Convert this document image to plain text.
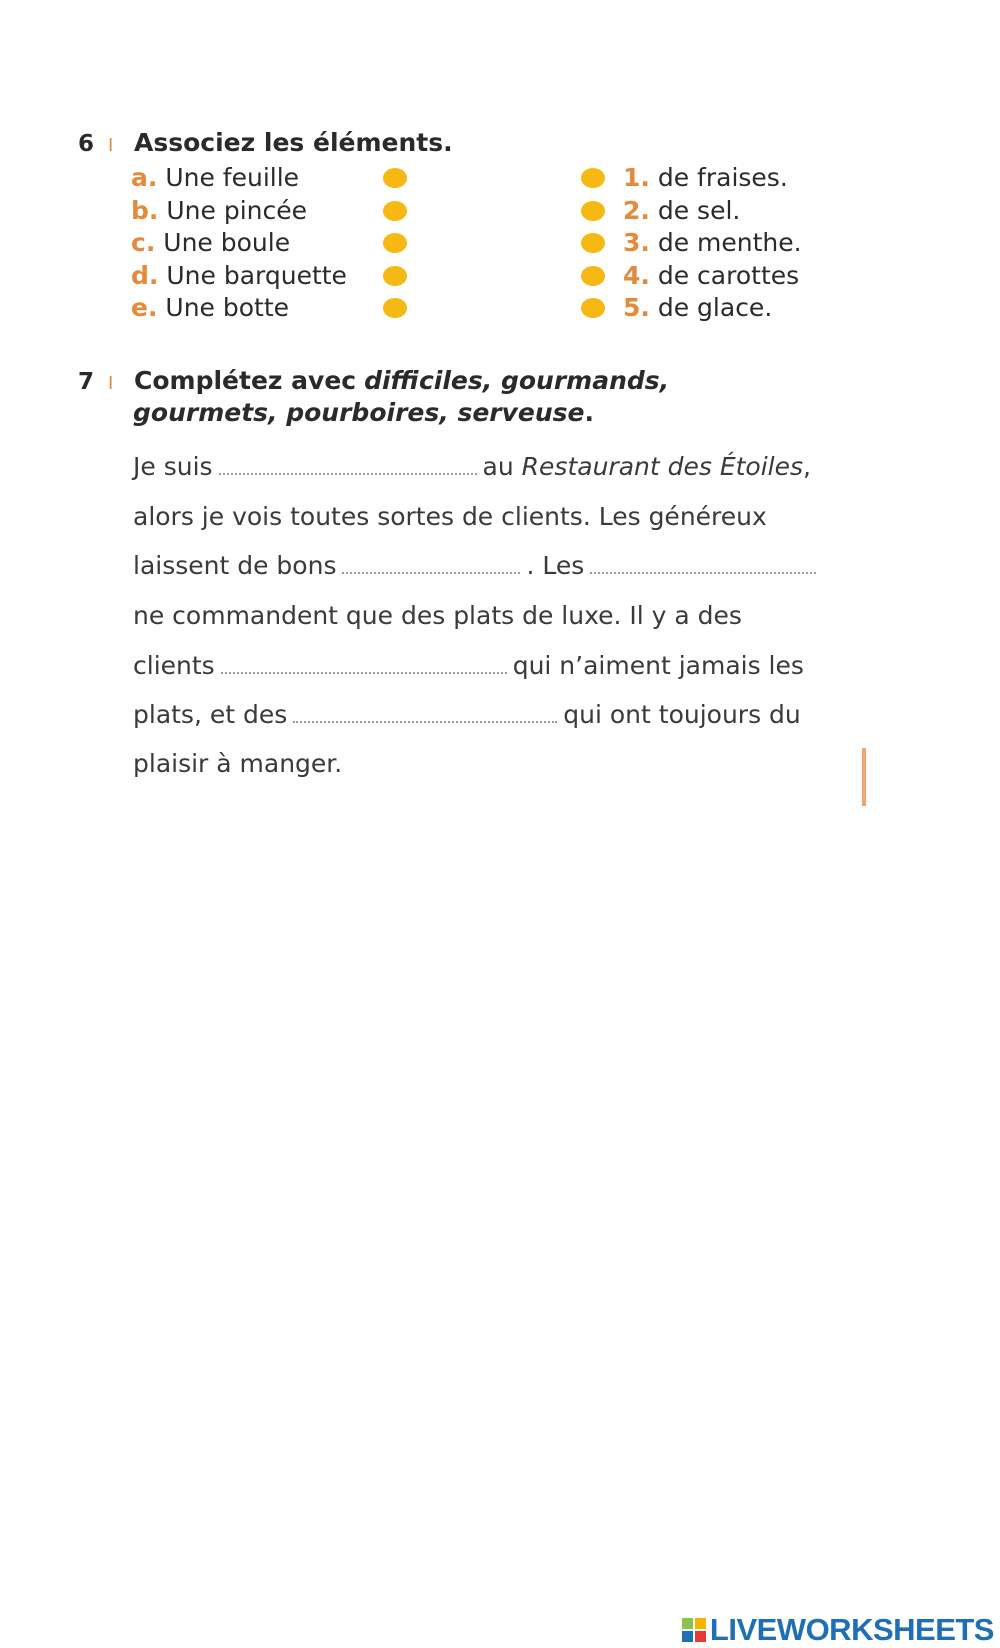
6 I Associez les éléments.
a. Une feuille	1. de fraises.
b. Une pincée	2. de sel.
c. Une boule	3. de menthe.
d. Une barquette	4. de carottes
e. Une botte	5. de glace.
7 I Complétez avec difficiles, gourmands,
gourmets, pourboires, serveuse.
Je suis	au
Restaurant des Étoiles ,
alors je vois toutes sortes de clients. Les généreux
laissent de bons	. Les
ne commandent que des plats de luxe. Il y a des
clients	qui n’aiment jamais les
plats, et des	qui ont toujours du
plaisir à manger.
LIVEWORKSHEETS
